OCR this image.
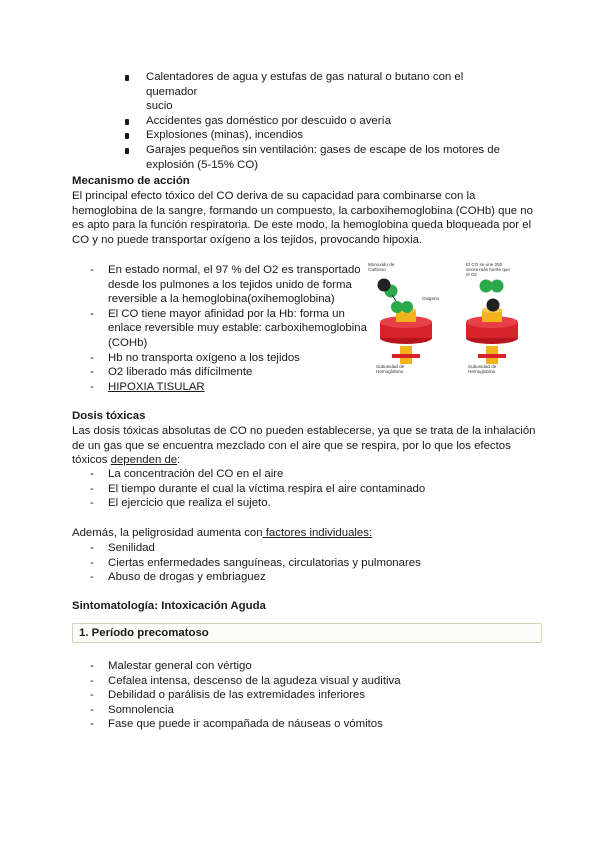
Calentadores de agua y estufas de gas natural o butano con el quemador
sucio
Accidentes gas doméstico por descuido o avería
Explosiones (minas), incendios
Garajes pequeños sin ventilación: gases de escape de los motores de
explosión (5-15% CO)
Mecanismo de acción
El principal efecto tóxico del CO deriva de su capacidad para combinarse con la
hemoglobina de la sangre, formando un compuesto, la carboxihemoglobina (COHb) que no
es apto para la función respiratoria. De este modo, la hemoglobina queda bloqueada por el
CO y no puede transportar oxígeno a los tejidos, provocando hipoxia.
- En estado normal, el 97 % del O2 es transportado
desde los pulmones a los tejidos unido de forma
reversible a la hemoglobina(oxihemoglobina)
- El CO tiene mayor afinidad por la Hb: forma un
enlace reversible muy estable: carboxihemoglobina
(COHb)
- Hb no transporta oxígeno a los tejidos
- O2 liberado más difícilmente
- HIPOXIA TISULAR
Monoxido de Carbono
Oxigeno
Subunidad de Hemoglobina
El CO se une 250 veces más fuerte que el O2
Subunidad de Hemoglobina
Dosis tóxicas
Las dosis tóxicas absolutas de CO no pueden establecerse, ya que se trata de la inhalación
de un gas que se encuentra mezclado con el aire que se respira, por lo que los efectos
tóxicos dependen de:
- La concentración del CO en el aire
- El tiempo durante el cual la víctima respira el aire contaminado
- El ejercicio que realiza el sujeto.
Además, la peligrosidad aumenta con factores individuales:
- Senilidad
- Ciertas enfermedades sanguíneas, circulatorias y pulmonares
- Abuso de drogas y embriaguez
Sintomatología: Intoxicación Aguda
1. Período precomatoso
- Malestar general con vértigo
- Cefalea intensa, descenso de la agudeza visual y auditiva
- Debilidad o parálisis de las extremidades inferiores
- Somnolencia
- Fase que puede ir acompañada de náuseas o vómitos
